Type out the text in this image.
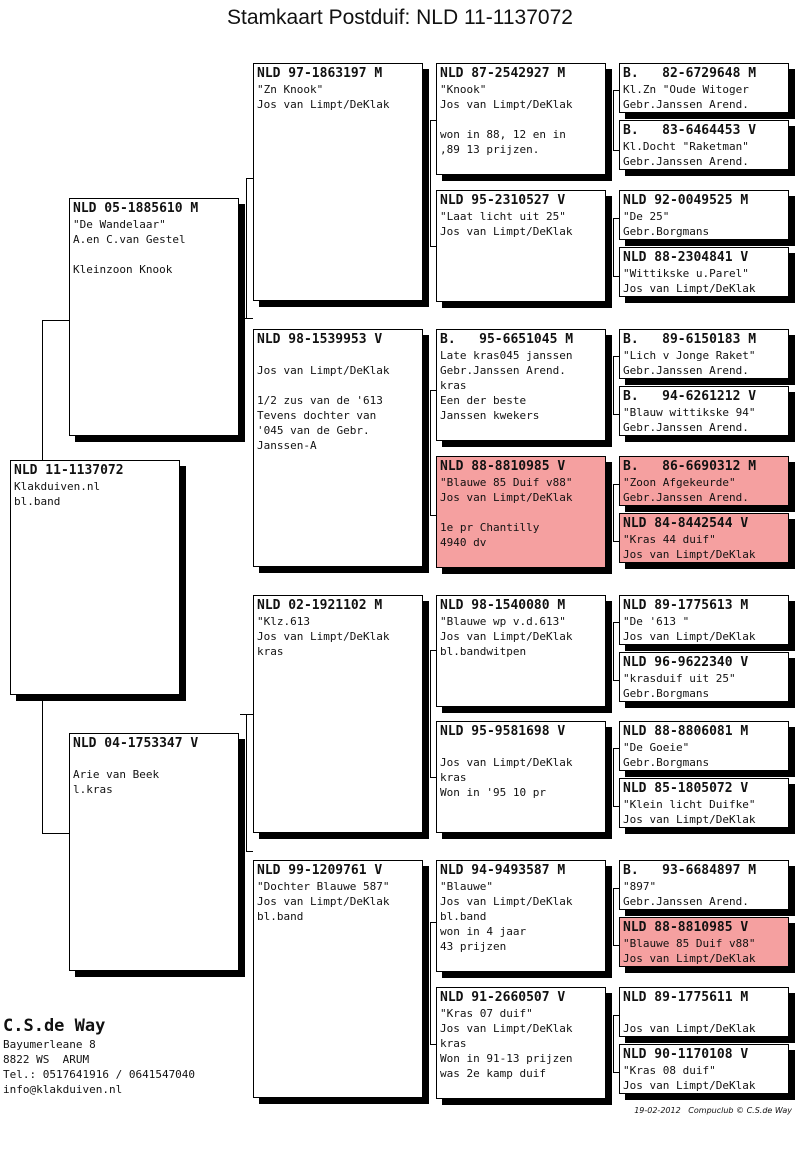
Stamkaart Postduif: NLD 11-1137072
NLD 11-1137072
Klakduiven.nl
bl.band
NLD 05-1885610 M
"De Wandelaar"
A.en C.van Gestel
Kleinzoon Knook
NLD 04-1753347 V
Arie van Beek
l.kras
NLD 97-1863197 M
"Zn Knook"
Jos van Limpt/DeKlak
NLD 98-1539953 V
Jos van Limpt/DeKlak
1/2 zus van de '613
Tevens dochter van
'045 van de Gebr.
Janssen-A
NLD 02-1921102 M
"Klz.613
Jos van Limpt/DeKlak
kras
NLD 99-1209761 V
"Dochter Blauwe 587"
Jos van Limpt/DeKlak
bl.band
NLD 87-2542927 M
"Knook"
Jos van Limpt/DeKlak
won in 88, 12 en in
,89 13 prijzen.
NLD 95-2310527 V
"Laat licht uit 25"
Jos van Limpt/DeKlak
B.   95-6651045 M
Late kras045 janssen
Gebr.Janssen Arend.
kras
Een der beste
Janssen kwekers
NLD 88-8810985 V
"Blauwe 85 Duif v88"
Jos van Limpt/DeKlak
1e pr Chantilly
4940 dv
NLD 98-1540080 M
"Blauwe wp v.d.613"
Jos van Limpt/DeKlak
bl.bandwitpen
NLD 95-9581698 V
Jos van Limpt/DeKlak
kras
Won in '95 10 pr
NLD 94-9493587 M
"Blauwe"
Jos van Limpt/DeKlak
bl.band
won in 4 jaar
43 prijzen
NLD 91-2660507 V
"Kras 07 duif"
Jos van Limpt/DeKlak
kras
Won in 91-13 prijzen
was 2e kamp duif
B.   82-6729648 M
Kl.Zn "Oude Witoger
Gebr.Janssen Arend.
B.   83-6464453 V
Kl.Docht "Raketman"
Gebr.Janssen Arend.
NLD 92-0049525 M
"De 25"
Gebr.Borgmans
NLD 88-2304841 V
"Wittikske u.Parel"
Jos van Limpt/DeKlak
B.   89-6150183 M
"Lich v Jonge Raket"
Gebr.Janssen Arend.
B.   94-6261212 V
"Blauw wittikske 94"
Gebr.Janssen Arend.
B.   86-6690312 M
"Zoon Afgekeurde"
Gebr.Janssen Arend.
NLD 84-8442544 V
"Kras 44 duif"
Jos van Limpt/DeKlak
NLD 89-1775613 M
"De '613 "
Jos van Limpt/DeKlak
NLD 96-9622340 V
"krasduif uit 25"
Gebr.Borgmans
NLD 88-8806081 M
"De Goeie"
Gebr.Borgmans
NLD 85-1805072 V
"Klein licht Duifke"
Jos van Limpt/DeKlak
B.   93-6684897 M
"897"
Gebr.Janssen Arend.
NLD 88-8810985 V
"Blauwe 85 Duif v88"
Jos van Limpt/DeKlak
NLD 89-1775611 M
Jos van Limpt/DeKlak
NLD 90-1170108 V
"Kras 08 duif"
Jos van Limpt/DeKlak
C.S.de Way
Bayumerleane 8
8822 WS  ARUM
Tel.: 0517641916 / 0641547040
info@klakduiven.nl
19-02-2012   Compuclub © C.S.de Way
